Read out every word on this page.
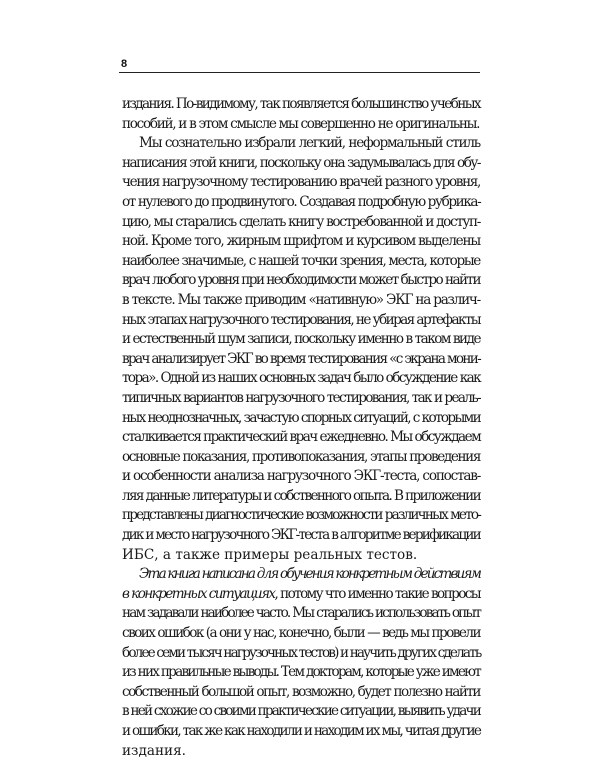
8
издания. По-видимому, так появляется большинство учебных
пособий, и в этом смысле мы совершенно не оригинальны.
Мы сознательно избрали легкий, неформальный стиль
написания этой книги, поскольку она задумывалась для обу-
чения нагрузочному тестированию врачей разного уровня,
от нулевого до продвинутого. Создавая подробную рубрика-
цию, мы старались сделать книгу востребованной и доступ-
ной. Кроме того, жирным шрифтом и курсивом выделены
наиболее значимые, с нашей точки зрения, места, которые
врач любого уровня при необходимости может быстро найти
в тексте. Мы также приводим «нативную» ЭКГ на различ-
ных этапах нагрузочного тестирования, не убирая артефакты
и естественный шум записи, поскольку именно в таком виде
врач анализирует ЭКГ во время тестирования «с экрана мони-
тора». Одной из наших основных задач было обсуждение как
типичных вариантов нагрузочного тестирования, так и реаль-
ных неоднозначных, зачастую спорных ситуаций, с которыми
сталкивается практический врач ежедневно. Мы обсуждаем
основные показания, противопоказания, этапы проведения
и особенности анализа нагрузочного ЭКГ-теста, сопостав-
ляя данные литературы и собственного опыта. В приложении
представлены диагностические возможности различных мето-
дик и место нагрузочного ЭКГ-теста в алгоритме верификации
ИБС, а также примеры реальных тестов.
Эта книга написана для обучения конкретным действиям
в конкретных ситуациях, потому что именно такие вопросы
нам задавали наиболее часто. Мы старались использовать опыт
своих ошибок (а они у нас, конечно, были — ведь мы провели
более семи тысяч нагрузочных тестов) и научить других сделать
из них правильные выводы. Тем докторам, которые уже имеют
собственный большой опыт, возможно, будет полезно найти
в ней схожие со своими практические ситуации, выявить удачи
и ошибки, так же как находили и находим их мы, читая другие
издания.
